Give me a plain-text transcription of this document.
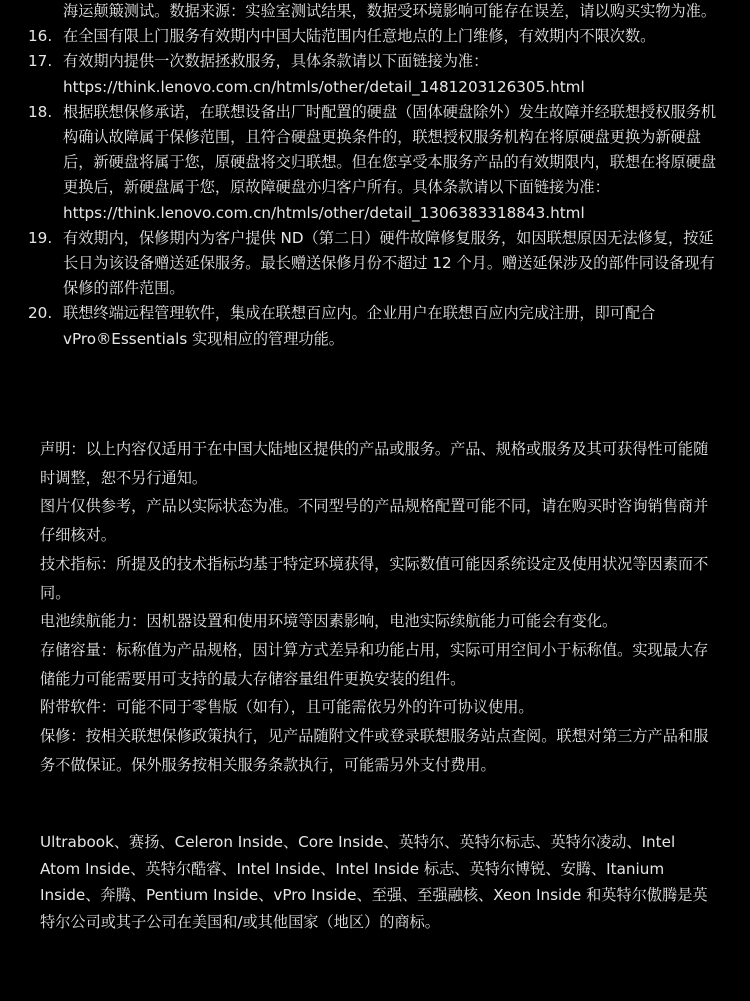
海运颠簸测试。数据来源：实验室测试结果，数据受环境影响可能存在误差，请以购买实物为准。
16. 在全国有限上门服务有效期内中国大陆范围内任意地点的上门维修，有效期内不限次数。
17. 有效期内提供一次数据拯救服务，具体条款请以下面链接为准：https://think.lenovo.com.cn/htmls/other/detail_1481203126305.html
18. 根据联想保修承诺，在联想设备出厂时配置的硬盘（固体硬盘除外）发生故障并经联想授权服务机构确认故障属于保修范围，且符合硬盘更换条件的，联想授权服务机构在将原硬盘更换为新硬盘后，新硬盘将属于您，原硬盘将交归联想。但在您享受本服务产品的有效期限内，联想在将原硬盘更换后，新硬盘属于您，原故障硬盘亦归客户所有。具体条款请以下面链接为准：https://think.lenovo.com.cn/htmls/other/detail_1306383318843.html
19. 有效期内，保修期内为客户提供 ND（第二日）硬件故障修复服务，如因联想原因无法修复，按延长日为该设备赠送延保服务。最长赠送保修月份不超过 12 个月。赠送延保涉及的部件同设备现有保修的部件范围。
20. 联想终端远程管理软件，集成在联想百应内。企业用户在联想百应内完成注册，即可配合 vPro®Essentials 实现相应的管理功能。

声明：以上内容仅适用于在中国大陆地区提供的产品或服务。产品、规格或服务及其可获得性可能随时调整，恕不另行通知。

图片仅供参考，产品以实际状态为准。不同型号的产品规格配置可能不同，请在购买时咨询销售商并仔细核对。

技术指标：所提及的技术指标均基于特定环境获得，实际数值可能因系统设定及使用状况等因素而不同。

电池续航能力：因机器设置和使用环境等因素影响，电池实际续航能力可能会有变化。

存储容量：标称值为产品规格，因计算方式差异和功能占用，实际可用空间小于标称值。实现最大存储能力可能需要用可支持的最大存储容量组件更换安装的组件。

附带软件：可能不同于零售版（如有），且可能需依另外的许可协议使用。

保修：按相关联想保修政策执行，见产品随附文件或登录联想服务站点查阅。联想对第三方产品和服务不做保证。保外服务按相关服务条款执行，可能需另外支付费用。

Ultrabook、赛扬、Celeron Inside、Core Inside、英特尔、英特尔标志、英特尔凌动、Intel Atom Inside、英特尔酷睿、Intel Inside、Intel Inside 标志、英特尔博锐、安腾、Itanium Inside、奔腾、Pentium Inside、vPro Inside、至强、至强融核、Xeon Inside 和英特尔傲腾是英特尔公司或其子公司在美国和/或其他国家（地区）的商标。
